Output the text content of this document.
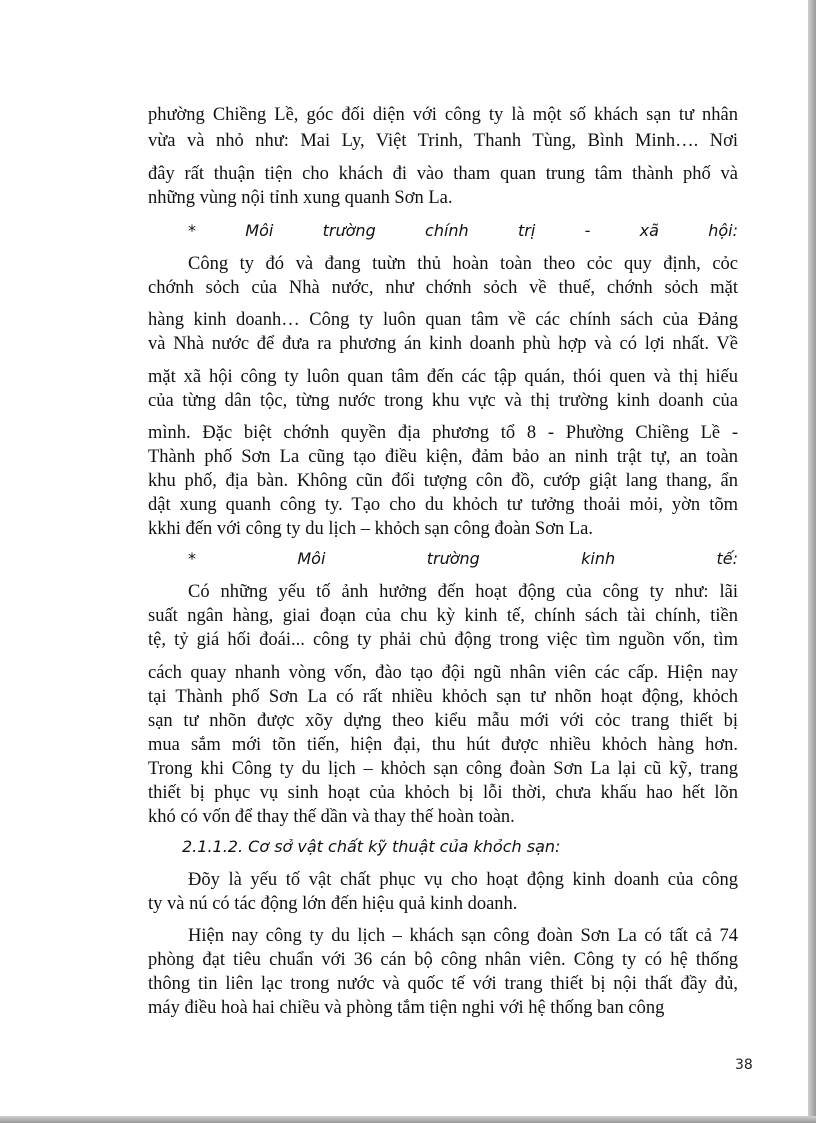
phường Chiềng Lề, góc đối diện với công ty là một số khách sạn tư nhân
vừa và nhỏ như: Mai Ly, Việt Trinh, Thanh Tùng, Bình Minh…. Nơi
đây rất thuận tiện cho khách đi vào tham quan trung tâm thành phố và
những vùng nội tỉnh xung quanh Sơn La.
*	Môi	trường	chính	trị	-	xã	hội:
Công ty đó và đang tuừn thủ hoàn toàn theo cỏc quy định, cỏc
chớnh sỏch của Nhà nước, như chớnh sỏch về thuế, chớnh sỏch mặt
hàng kinh doanh… Công ty luôn quan tâm về các chính sách của Đảng
và Nhà nước để đưa ra phương án kinh doanh phù hợp và có lợi nhất. Về
mặt xã hội công ty luôn quan tâm đến các tập quán, thói quen và thị hiếu
của từng dân tộc, từng nước trong khu vực và thị trường kinh doanh của
mình. Đặc biệt chớnh quyền địa phương tổ 8 - Phường Chiềng Lề -
Thành phố Sơn La cũng tạo điều kiện, đảm bảo an ninh trật tự, an toàn
khu phố, địa bàn. Không cũn đối tượng côn đồ, cướp giật lang thang, ẩn
dật xung quanh công ty. Tạo cho du khỏch tư tưởng thoải mỏi, yờn tõm
kkhi đến với công ty du lịch – khỏch sạn công đoàn Sơn La.
*	Môi	trường	kinh	tế:
Có những yếu tố ảnh hưởng đến hoạt động của công ty như: lãi
suất ngân hàng, giai đoạn của chu kỳ kinh tế, chính sách tài chính, tiền
tệ, tỷ giá hối đoái... công ty phải chủ động trong việc tìm nguồn vốn, tìm
cách quay nhanh vòng vốn, đào tạo đội ngũ nhân viên các cấp. Hiện nay
tại Thành phố Sơn La có rất nhiều khỏch sạn tư nhõn hoạt động, khỏch
sạn tư nhõn được xõy dựng theo kiểu mẫu mới với cỏc trang thiết bị
mua sắm mới tõn tiến, hiện đại, thu hút được nhiều khỏch hàng hơn.
Trong khi Công ty du lịch – khỏch sạn công đoàn Sơn La lại cũ kỹ, trang
thiết bị phục vụ sinh hoạt của khỏch bị lỗi thời, chưa khấu hao hết lõn
khó có vốn để thay thế dần và thay thế hoàn toàn.
2.1.1.2. Cơ sở vật chất kỹ thuật của khỏch sạn:
Đõy là yếu tố vật chất phục vụ cho hoạt động kinh doanh của công
ty và nú có tác động lớn đến hiệu quả kinh doanh.
Hiện nay công ty du lịch – khách sạn công đoàn Sơn La có tất cả 74
phòng đạt tiêu chuẩn với 36 cán bộ công nhân viên. Công ty có hệ thống
thông tin liên lạc trong nước và quốc tế với trang thiết bị nội thất đầy đủ,
máy điều hoà hai chiều và phòng tắm tiện nghi với hệ thống ban công
38
